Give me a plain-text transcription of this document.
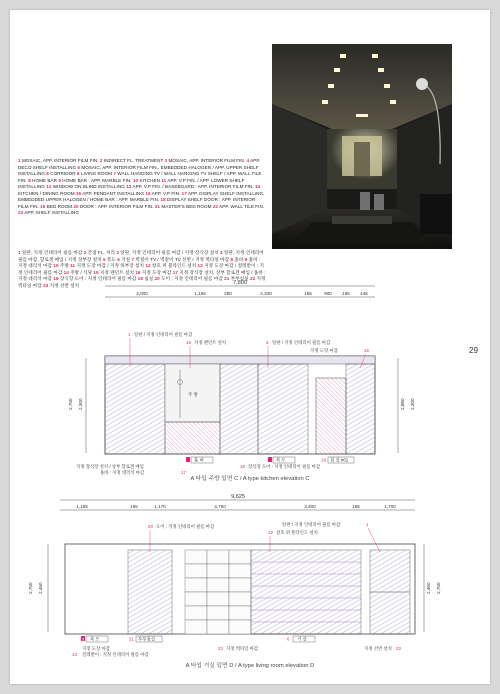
1 MOSAIC, APP. INTERIOR FILM FIN. 2 INDIRECT FL. TREATMENT 3 MOSAIC, APP. INTERIOR FILM FIN. 4 APP. DECO SHELF INSTALLING 5 MOSAIC, APP. INTERIOR FILM FIN., EMBEDDED HALOGEN / APP. UPPER SHELF INSTALLING 6 CORRIDOR 6 LIVING ROOM 7 WALL HANGING TV / WALL HANGING TV SHELF / APP. WALL TILE FIN. 8 HOME BAR 9 HOME BAR : APP. MARBLE FIN. 10 KITCHEN 11 APP. V.P FIN. / APP. LOWER SHELF INSTALLING 12 WINDOW ON BLIND INSTALLING 13 APP. V.P FIN. / BASEBOARD : APP. INTERIOR FILM FIN. 14 KITCHEN / DINING ROOM 15 APP. PENDANT INSTALLING 16 APP. V.P FIN. 17 APP. DISPLAY SHELF INSTALLING, EMBEDDED UPPER HALOGEN / HOME BAR : APP. MARBLE FIN. 18 DISPLAY SHELF DOOR : APP. INTERIOR FILM FIN. 19 BED ROOM 20 DOOR : APP. INTERIOR FILM FIN. 21 MASTER'S BED ROOM 22 APP. WALL TILE FIN. 23 APP. SHELF INSTALLING
1 알판, 지정 인테리어 필름 마감 2 간접 FL. 처리 3 알판, 지정 인테리어 필름 마감 / 지정 장식장 설치 4 알판, 지정 인테리어 필름 마감, 할로겐 매입 / 지정 상부장 설치 5 복도 6 거실 7 벽걸이 TV / 벽걸이 TV 선반 / 지정 벽타일 마감 8 홈바 9 홈바 : 지정 대리석 마감 10 주방 11 지정 도장 마감 / 지정 하부장 설치 12 창호 위 블라인드 설치 13 지정 도장 마감 / 걸레받이 : 지정 인테리어 필름 마감 14 주방 / 식당 15 지정 펜던트 설치 16 지정 도장 마감 17 지정 장식장 설치, 상부 할로겐 매입 / 홈바 : 지정 대리석 마감 18 장식장 도어 : 지정 인테리어 필름 마감 19 침실 20 도어 : 지정 인테리어 필름 마감 21 부부침실 22 지정 벽타일 마감 23 지정 선반 설치
29
7,800
2,000	1,165	280	2,330	165	900 165 445
2,700 2,300	2,860 2,300
1 알판 / 지정 인테리어 필름 마감
15 지정 펜던트 설치	3 알판 / 지정 인테리어 필름 마감
지정 도장 마감	16
주 방
8 홈 바	5 복 도	19 침 실 #01
지정 장식장 설치 / 상부 할로겐 매입
홈바 : 지정 대리석 마감	17
18 장식장 도어 : 지정 인테리어 필름 마감
A 타입 주방 입면 C / A type kitchen elevation C
9,625
1,165	165	1,170	3,750	3,400	165	1,700
2,700 2,460	2,460 2,700
20 도어 : 지정 인테리어 필름 마감	알판 / 지정 인테리어 필름 마감	1
12 창호 위 블라인드 설치
5 복 도	21 부부침실	6 거 실
지정 도장 마감
13 걸레받이 : 지정 인테리어 필름 마감
22 지정 벽타일 마감	지정 선반 설치 23
A 타입 거실 입면 D / A type living room elevation D
